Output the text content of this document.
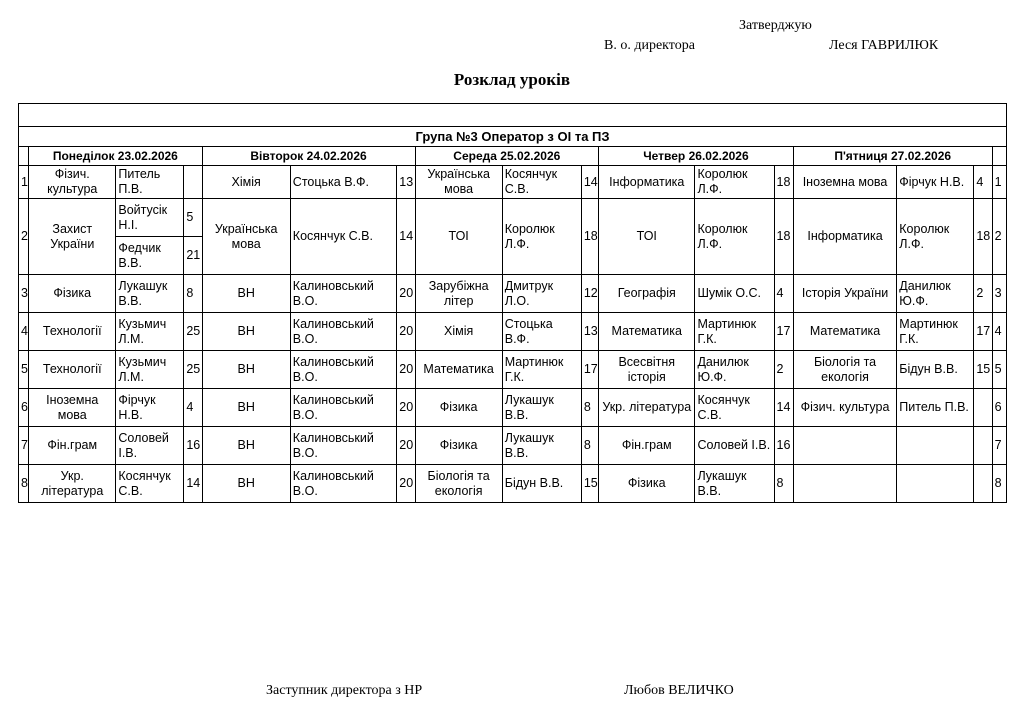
Затверджую
В. о. директора	Леся ГАВРИЛЮК
Розклад уроків
Група №3 Оператор з ОІ та ПЗ																

	Понеділок 23.02.2026			Вівторок 24.02.2026			Середа 25.02.2026			Четвер 26.02.2026			П'ятниця 27.02.2026			
1	Фізич. культура	Питель П.В.		Хімія	Стоцька В.Ф.	13	Українська мова	Косянчук С.В.	14	Інформатика	Королюк Л.Ф.	18	Іноземна мова	Фірчук Н.В.	4	1
2	Захист України	Войтусік Н.І.	5	Українська мова	Косянчук С.В.	14	ТОІ	Королюк Л.Ф.	18	ТОІ	Королюк Л.Ф.	18	Інформатика	Королюк Л.Ф.	18	2
		Федчик В.В.	21													
3	Фізика	Лукашук В.В.	8	ВН	Калиновський В.О.	20	Зарубіжна літер	Дмитрук Л.О.	12	Географія	Шумік О.С.	4	Історія України	Данилюк Ю.Ф.	2	3
4	Технології	Кузьмич Л.М.	25	ВН	Калиновський В.О.	20	Хімія	Стоцька В.Ф.	13	Математика	Мартинюк Г.К.	17	Математика	Мартинюк Г.К.	17	4
5	Технології	Кузьмич Л.М.	25	ВН	Калиновський В.О.	20	Математика	Мартинюк Г.К.	17	Всесвітня історія	Данилюк Ю.Ф.	2	Біологія та екологія	Бідун В.В.	15	5
6	Іноземна мова	Фірчук Н.В.	4	ВН	Калиновський В.О.	20	Фізика	Лукашук В.В.	8	Укр. література	Косянчук С.В.	14	Фізич. культура	Питель П.В.		6
7	Фін.грам	Соловей І.В.	16	ВН	Калиновський В.О.	20	Фізика	Лукашук В.В.	8	Фін.грам	Соловей І.В.	16				7
8	Укр. література	Косянчук С.В.	14	ВН	Калиновський В.О.	20	Біологія та екологія	Бідун В.В.	15	Фізика	Лукашук В.В.	8				8
Заступник директора з НР	Любов ВЕЛИЧКО
